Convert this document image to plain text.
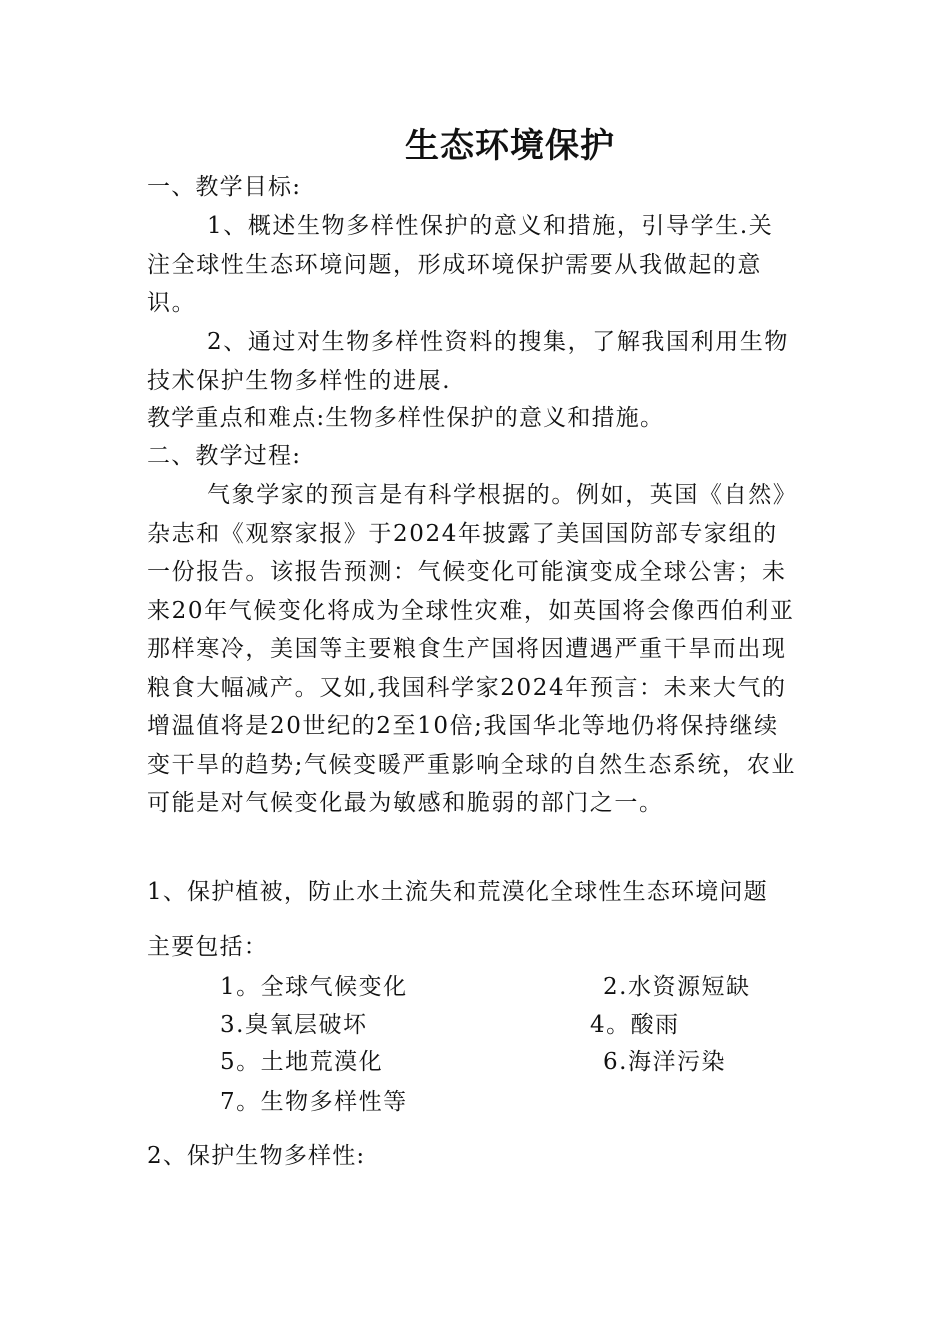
生态环境保护
一、教学目标:
1、概述生物多样性保护的意义和措施，引导学生.关注全球性生态环境问题，形成环境保护需要从我做起的意识。
2、通过对生物多样性资料的搜集，了解我国利用生物技术保护生物多样性的进展.
教学重点和难点:生物多样性保护的意义和措施。
二、教学过程:
气象学家的预言是有科学根据的。例如，英国《自然》杂志和《观察家报》于2024年披露了美国国防部专家组的一份报告。该报告预测：气候变化可能演变成全球公害；未来20年气候变化将成为全球性灾难，如英国将会像西伯利亚那样寒冷，美国等主要粮食生产国将因遭遇严重干旱而出现粮食大幅减产。又如,我国科学家2024年预言：未来大气的增温值将是20世纪的2至10倍;我国华北等地仍将保持继续变干旱的趋势;气候变暖严重影响全球的自然生态系统，农业可能是对气候变化最为敏感和脆弱的部门之一。
1、保护植被，防止水土流失和荒漠化全球性生态环境问题
主要包括：
1。全球气候变化	2.水资源短缺
3.臭氧层破坏	4。酸雨
5。土地荒漠化	6.海洋污染
7。生物多样性等
2、保护生物多样性:
